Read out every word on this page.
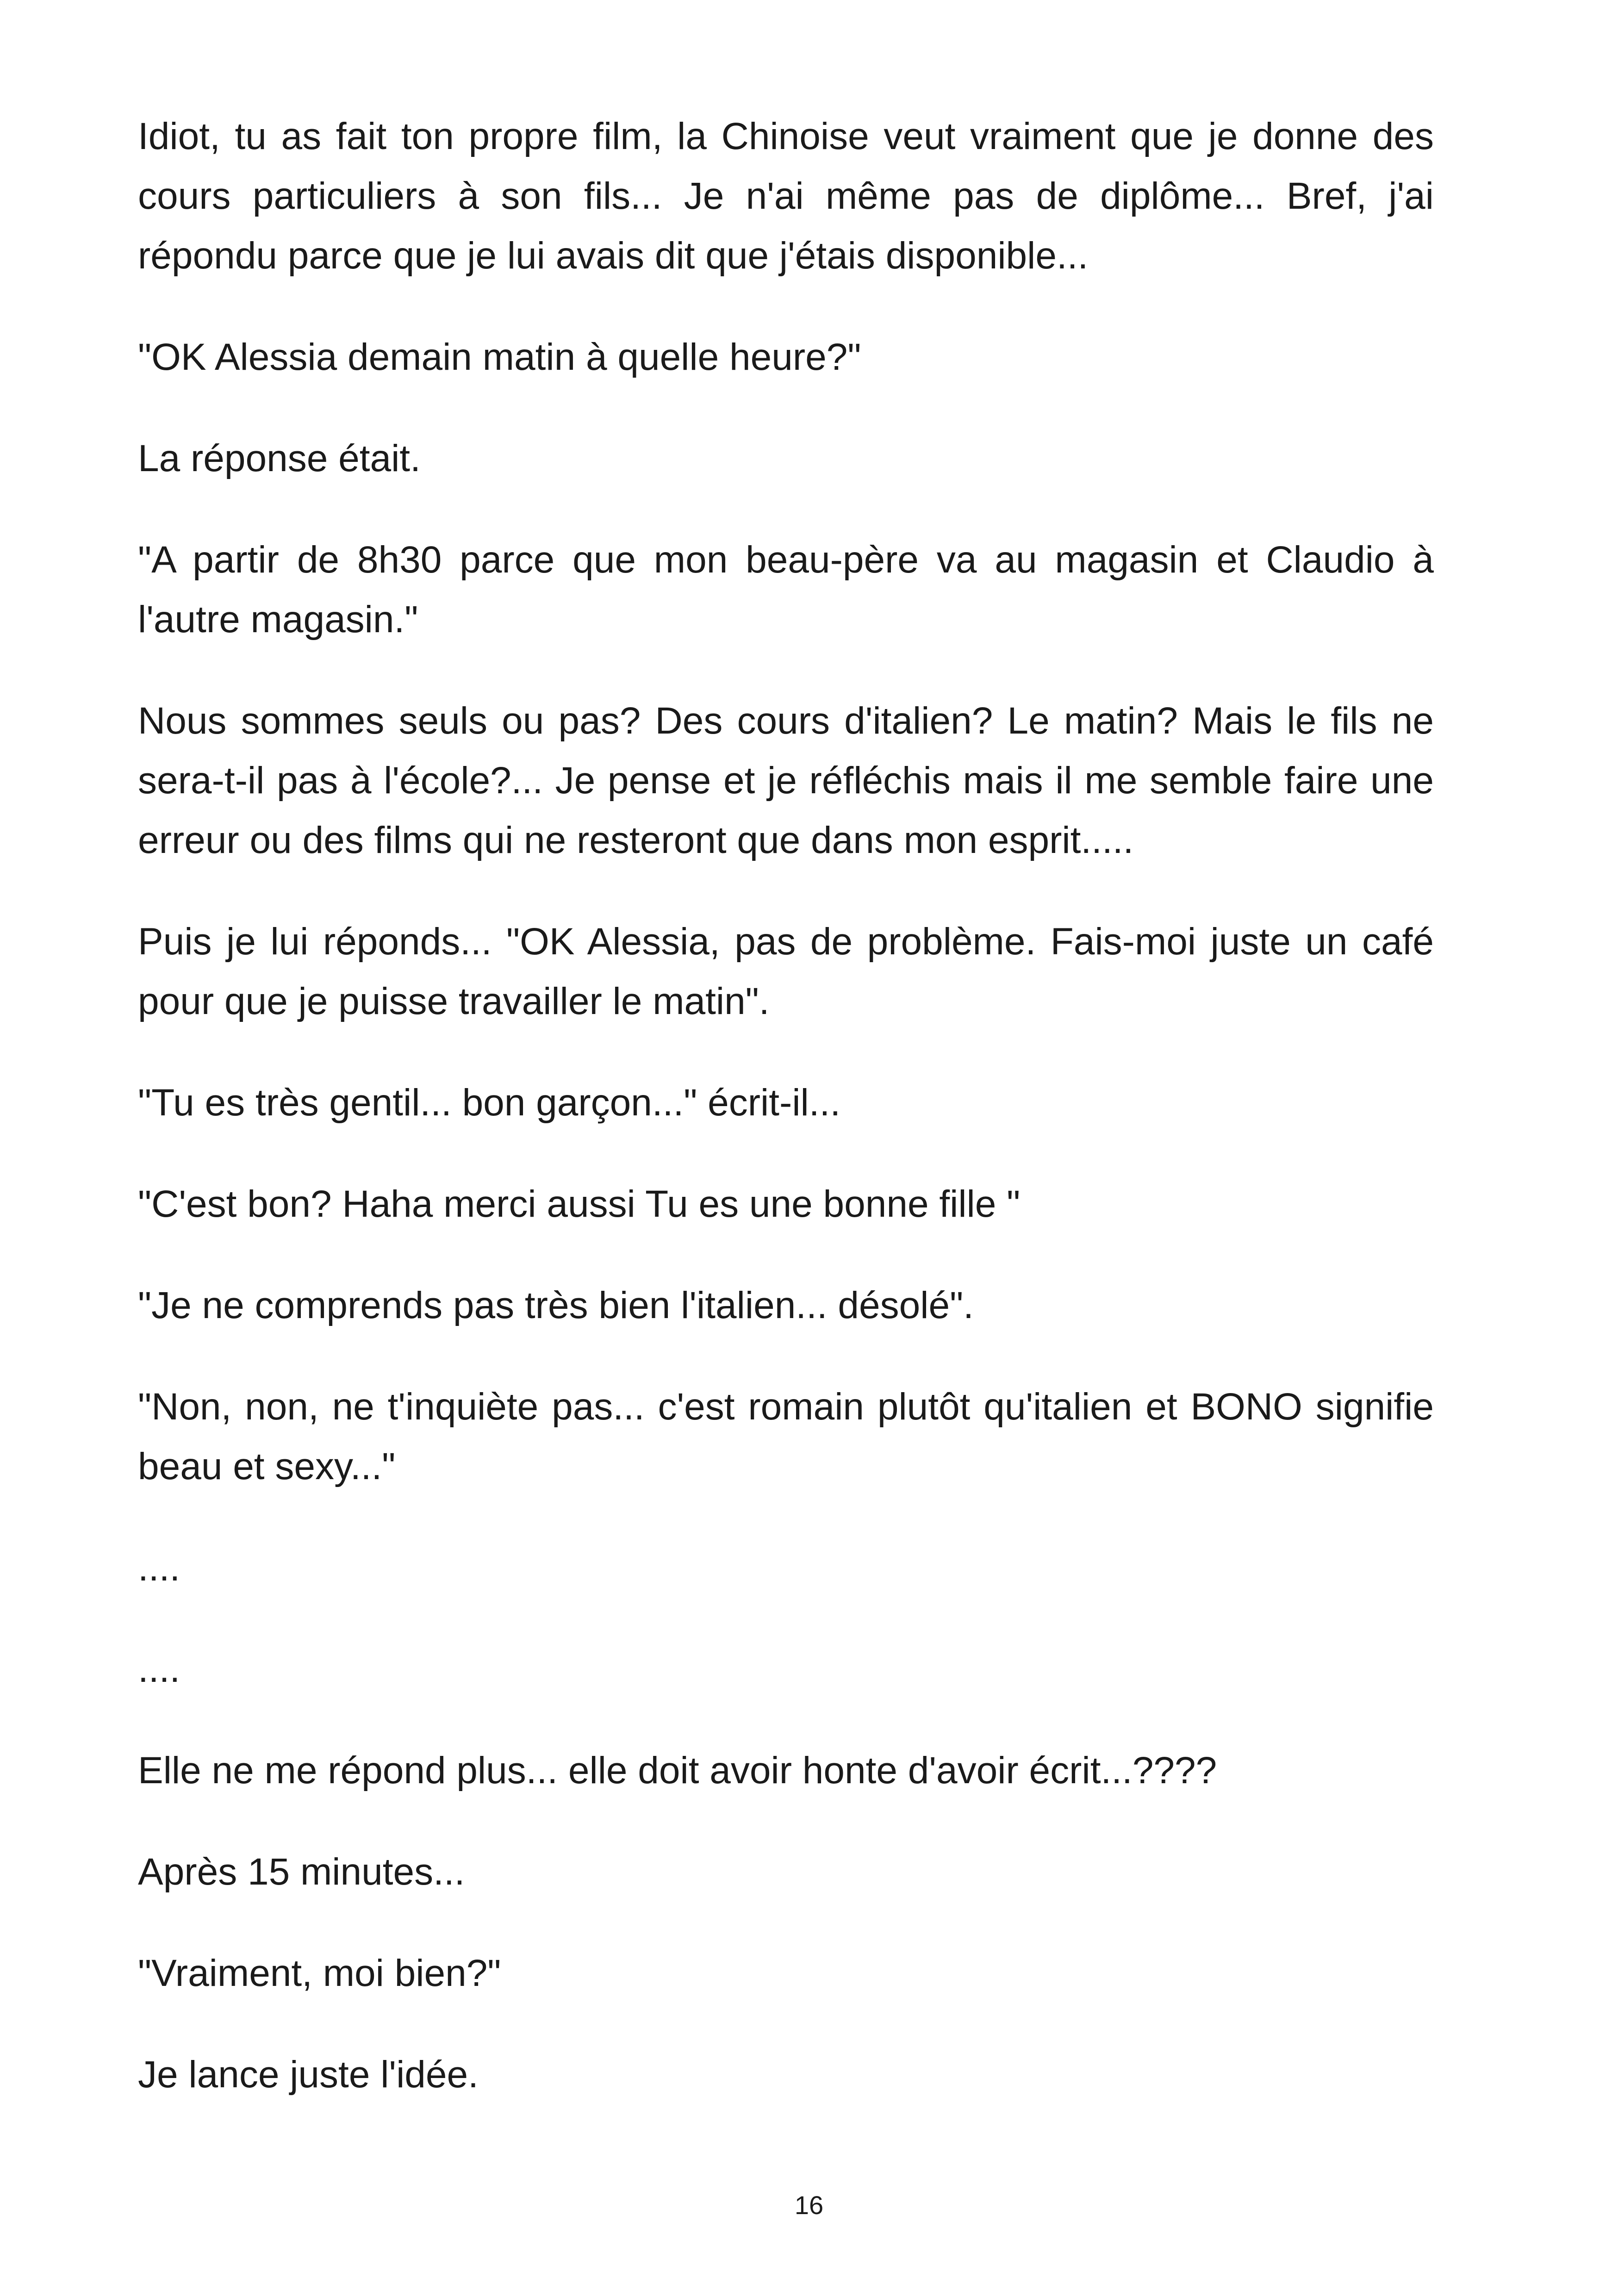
Idiot, tu as fait ton propre film, la Chinoise veut vraiment que je donne des cours particuliers à son fils... Je n'ai même pas de diplôme... Bref, j'ai répondu parce que je lui avais dit que j'étais disponible...

"OK Alessia demain matin à quelle heure?"

La réponse était.

"A partir de 8h30 parce que mon beau-père va au magasin et Claudio à l'autre magasin."

Nous sommes seuls ou pas? Des cours d'italien? Le matin? Mais le fils ne sera-t-il pas à l'école?... Je pense et je réfléchis mais il me semble faire une erreur ou des films qui ne resteront que dans mon esprit.....

Puis je lui réponds... "OK Alessia, pas de problème. Fais-moi juste un café pour que je puisse travailler le matin".

"Tu es très gentil... bon garçon..." écrit-il...

"C'est bon? Haha merci aussi Tu es une bonne fille "

"Je ne comprends pas très bien l'italien... désolé".

"Non, non, ne t'inquiète pas... c'est romain plutôt qu'italien et BONO signifie beau et sexy..."

....

....

Elle ne me répond plus... elle doit avoir honte d'avoir écrit...????

Après 15 minutes...

"Vraiment, moi bien?"

Je lance juste l'idée.

16
